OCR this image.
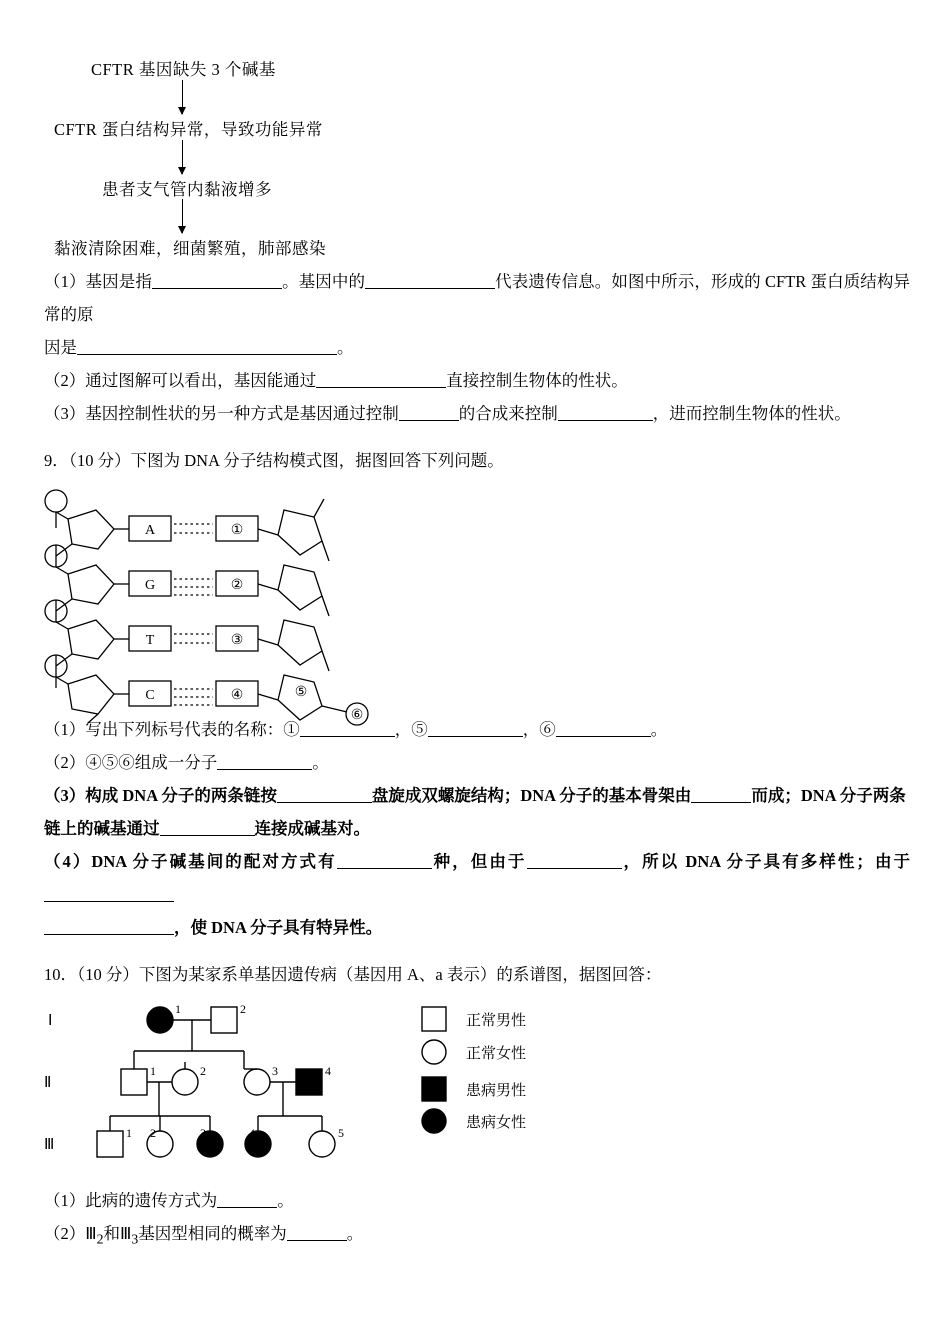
CFTR 基因缺失 3 个碱基
CFTR 蛋白结构异常，导致功能异常
患者支气管内黏液增多
黏液清除困难，细菌繁殖，肺部感染

（1）基因是指	。基因中的	代表遗传信息。如图中所示，形成的 CFTR 蛋白质结构异常的原
因是	。

（2）通过图解可以看出，基因能通过	直接控制生物体的性状。

（3）基因控制性状的另一种方式是基因通过控制	的合成来控制	，进而控制生物体的性状。

9．（10 分）下图为 DNA 分子结构模式图，据图回答下列问题。

A
G
T
C
①
②
③
④	⑤
⑥

（1）写出下列标号代表的名称：①	，⑤	，⑥	。

（2）④⑤⑥组成一分子	。

（3）构成 DNA 分子的两条链按	盘旋成双螺旋结构；DNA 分子的基本骨架由	而成；DNA 分子两条
链上的碱基通过	连接成碱基对。

（4）DNA 分子碱基间的配对方式有	种，但由于	，所以 DNA 分子具有多样性；由于
，使 DNA 分子具有特异性。

10．（10 分）下图为某家系单基因遗传病（基因用 A、a 表示）的系谱图，据图回答：

Ⅰ
Ⅱ
Ⅲ
1	2
1	2	3	4
1 2	3	4	5
正常男性
正常女性
患病男性
患病女性

（1）此病的遗传方式为	。

$(2)Ⅲ_2$和$Ⅲ_3$基因型相同的概率为	。
